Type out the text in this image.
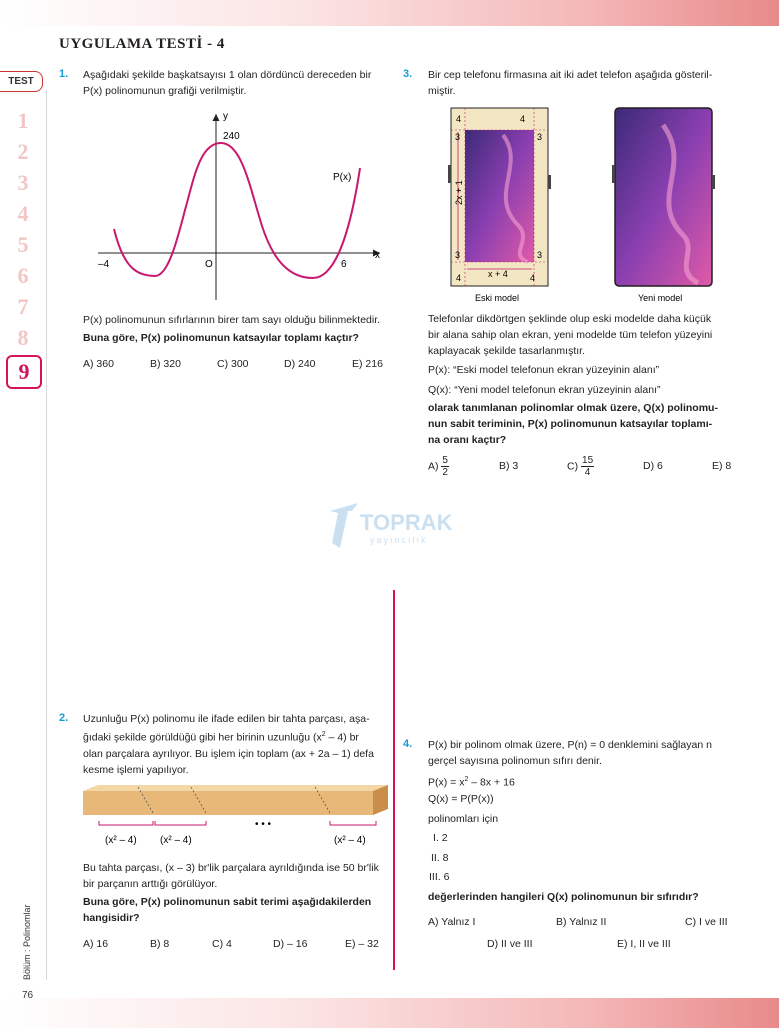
UYGULAMA TESTİ - 4
TEST
1
2
3
4
5
6
7
8
9
Bölüm : Polinomlar
76
TOPRAK
yayıncılık
1. Aşağıdaki şekilde başkatsayısı 1 olan dördüncü dereceden bir
P(x) polinomunun grafiği verilmiştir.
y
x
240
O
–4	6
P(x)
P(x) polinomunun sıfırlarının birer tam sayı olduğu bilinmektedir.
Buna göre, P(x) polinomunun katsayılar toplamı kaçtır?
A) 360	B) 320	C) 300	D) 240	E) 216
2. Uzunluğu P(x) polinomu ile ifade edilen bir tahta parçası, aşa-
ğıdaki şekilde görüldüğü gibi her birinin uzunluğu $(x^2 - 4)$ br
olan parçalara ayrılıyor. Bu işlem için toplam (ax + 2a – 1) defa
kesme işlemi yapılıyor.
(x² – 4) (x² – 4)
• • •
(x² – 4)
Bu tahta parçası, (x – 3) br'lik parçalara ayrıldığında ise 50 br'lik
bir parçanın arttığı görülüyor.
Buna göre, P(x) polinomunun sabit terimi aşağıdakilerden
hangisidir?
A) 16	B) 8	C) 4	D) – 16	E) – 32
3. Bir cep telefonu firmasına ait iki adet telefon aşağıda gösteril-
miştir.
4	4
3	3
2x + 1
3	3
4	x + 4 4
Eski model	Yeni model
Telefonlar dikdörtgen şeklinde olup eski modelde daha küçük
bir alana sahip olan ekran, yeni modelde tüm telefon yüzeyini
kaplayacak şekilde tasarlanmıştır.
P(x): “Eski model telefonun ekran yüzeyinin alanı”
Q(x): “Yeni model telefonun ekran yüzeyinin alanı”
olarak tanımlanan polinomlar olmak üzere, Q(x) polinomu-
nun sabit teriminin, P(x) polinomunun katsayılar toplamı-
na oranı kaçtır?
$A) \frac{5}{2}$	B) 3	$C) \frac{15}{4}$	D) 6	E) 8
4. P(x) bir polinom olmak üzere, P(n) = 0 denklemini sağlayan n
gerçel sayısına polinomun sıfırı denir.
$P(x) = x^2 - 8x + 16$
Q(x) = P(P(x))
polinomları için
I. 2
II. 8
III. 6
değerlerinden hangileri Q(x) polinomunun bir sıfırıdır?
A) Yalnız I	B) Yalnız II	C) I ve III
D) II ve III	E) I, II ve III
